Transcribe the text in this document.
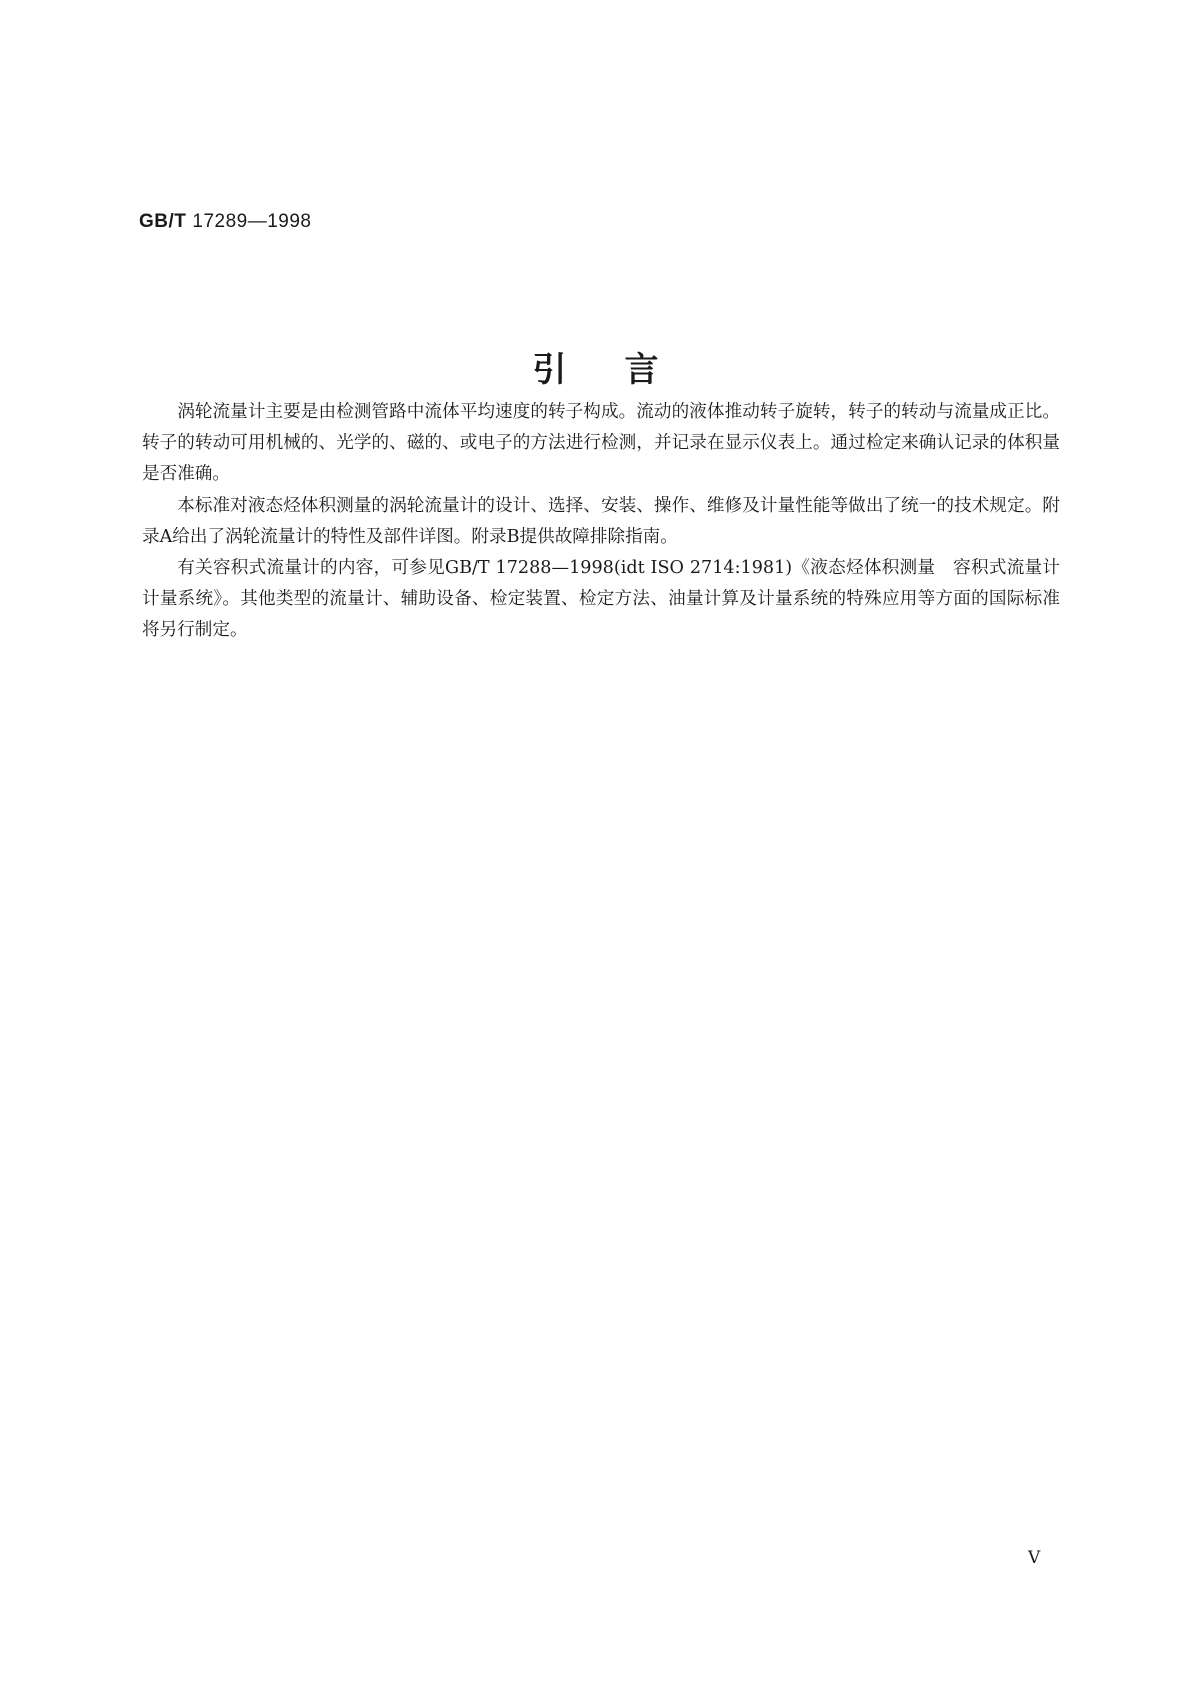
GB/T 17289—1998
引言

涡轮流量计主要是由检测管路中流体平均速度的转子构成。流动的液体推动转子旋转，转子的转动与流量成正比。转子的转动可用机械的、光学的、磁的、或电子的方法进行检测，并记录在显示仪表上。通过检定来确认记录的体积量是否准确。

本标准对液态烃体积测量的涡轮流量计的设计、选择、安装、操作、维修及计量性能等做出了统一的技术规定。附录A给出了涡轮流量计的特性及部件详图。附录B提供故障排除指南。

有关容积式流量计的内容，可参见GB/T 17288—1998(idt ISO 2714:1981)《液态烃体积测量　容积式流量计计量系统》。其他类型的流量计、辅助设备、检定装置、检定方法、油量计算及计量系统的特殊应用等方面的国际标准将另行制定。

V
